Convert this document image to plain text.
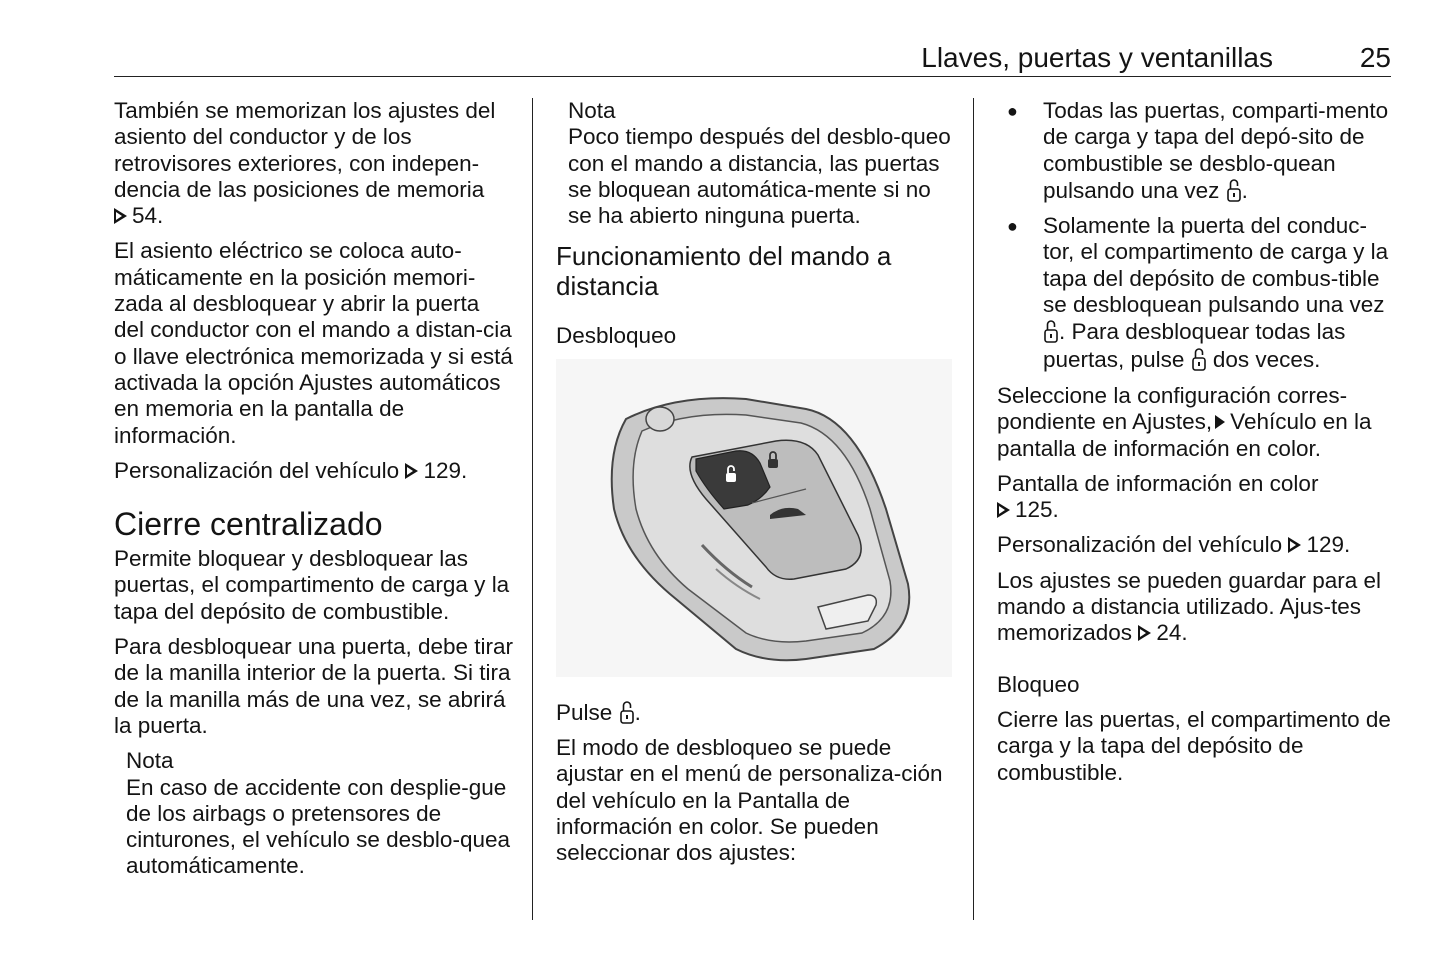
Llaves, puertas y ventanillas	25

También se memorizan los ajustes del asiento del conductor y de los retrovisores exteriores, con indepen-dencia de las posiciones de memoria
54.

El asiento eléctrico se coloca auto-máticamente en la posición memori-zada al desbloquear y abrir la puerta del conductor con el mando a distan-cia o llave electrónica memorizada y si está activada la opción Ajustes automáticos en memoria en la pantalla de información.

Personalización del vehículo 129.

Cierre centralizado

Permite bloquear y desbloquear las puertas, el compartimento de carga y la tapa del depósito de combustible.

Para desbloquear una puerta, debe tirar de la manilla interior de la puerta. Si tira de la manilla más de una vez, se abrirá la puerta.

Nota
En caso de accidente con desplie-gue de los airbags o pretensores de cinturones, el vehículo se desblo-quea automáticamente.
Nota
Poco tiempo después del desblo-queo con el mando a distancia, las puertas se bloquean automática-mente si no se ha abierto ninguna puerta.
Funcionamiento del mando a distancia

Desbloqueo

Pulse .

El modo de desbloqueo se puede ajustar en el menú de personaliza-ción del vehículo en la Pantalla de información en color. Se pueden seleccionar dos ajustes:

● Todas las puertas, comparti-mento de carga y tapa del depó-sito de combustible se desblo-quean pulsando una vez .
● Solamente la puerta del conduc-tor, el compartimento de carga y la tapa del depósito de combus-tible se desbloquean pulsando una vez . Para desbloquear todas las puertas, pulse dos veces.

Seleccione la configuración corres-pondiente en Ajustes, Vehículo en la pantalla de información en color.

Pantalla de información en color
125.

Personalización del vehículo 129.

Los ajustes se pueden guardar para el mando a distancia utilizado. Ajus-tes memorizados 24.

Bloqueo

Cierre las puertas, el compartimento de carga y la tapa del depósito de combustible.
